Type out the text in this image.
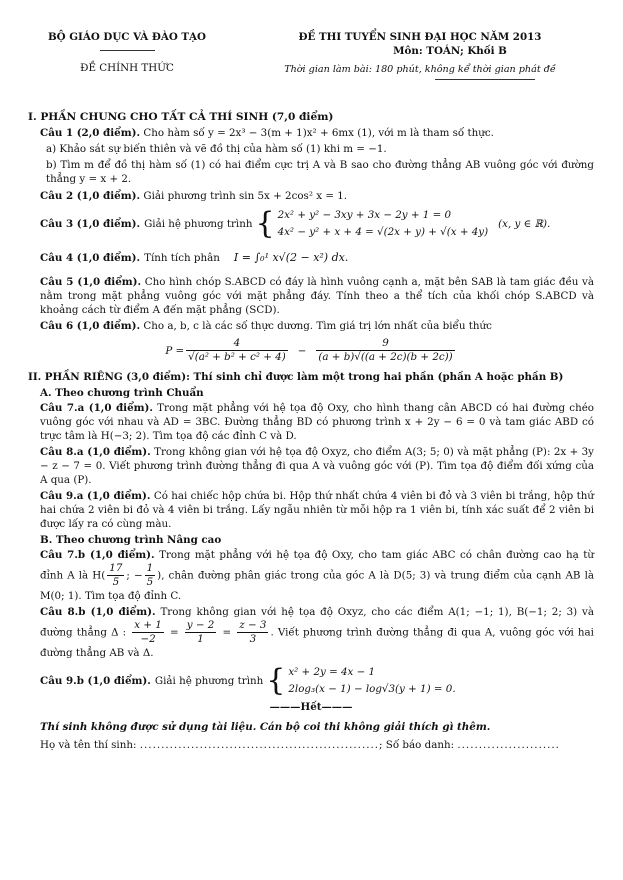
BỘ GIÁO DỤC VÀ ĐÀO TẠO
ĐỀ CHÍNH THỨC
ĐỀ THI TUYỂN SINH ĐẠI HỌC NĂM 2013
Môn: TOÁN; Khối B
Thời gian làm bài: 180 phút, không kể thời gian phát đề
I. PHẦN CHUNG CHO TẤT CẢ THÍ SINH (7,0 điểm)
Câu 1 (2,0 điểm). Cho hàm số y = 2x³ − 3(m + 1)x² + 6mx (1), với m là tham số thực.
a) Khảo sát sự biến thiên và vẽ đồ thị của hàm số (1) khi m = −1.
b) Tìm m để đồ thị hàm số (1) có hai điểm cực trị A và B sao cho đường thẳng AB vuông góc với đường thẳng y = x + 2.
Câu 2 (1,0 điểm). Giải phương trình sin 5x + 2cos² x = 1.
Câu 3 (1,0 điểm). Giải hệ phương trình { 2x² + y² − 3xy + 3x − 2y + 1 = 0
4x² − y² + x + 4 = √(2x + y) + √(x + 4y)
(x, y ∈ ℝ).
Câu 4 (1,0 điểm). Tính tích phân I = ∫₀¹ x√(2 − x²) dx.
Câu 5 (1,0 điểm). Cho hình chóp S.ABCD có đáy là hình vuông cạnh a, mặt bên SAB là tam giác đều và nằm trong mặt phẳng vuông góc với mặt phẳng đáy. Tính theo a thể tích của khối chóp S.ABCD và khoảng cách từ điểm A đến mặt phẳng (SCD).
Câu 6 (1,0 điểm). Cho a, b, c là các số thực dương. Tìm giá trị lớn nhất của biểu thức
$P = \frac{4}{\text{√(a² + b² + c² + 4)}} - \frac{9}{(a + b)√((a + 2c)(b + 2c))}$
II. PHẦN RIÊNG (3,0 điểm): Thí sinh chỉ được làm một trong hai phần (phần A hoặc phần B)
A. Theo chương trình Chuẩn
Câu 7.a (1,0 điểm). Trong mặt phẳng với hệ tọa độ Oxy, cho hình thang cân ABCD có hai đường chéo vuông góc với nhau và AD = 3BC. Đường thẳng BD có phương trình x + 2y − 6 = 0 và tam giác ABD có trực tâm là H(−3; 2). Tìm tọa độ các đỉnh C và D.
Câu 8.a (1,0 điểm). Trong không gian với hệ tọa độ Oxyz, cho điểm A(3; 5; 0) và mặt phẳng (P): 2x + 3y − z − 7 = 0. Viết phương trình đường thẳng đi qua A và vuông góc với (P). Tìm tọa độ điểm đối xứng của A qua (P).
Câu 9.a (1,0 điểm). Có hai chiếc hộp chứa bi. Hộp thứ nhất chứa 4 viên bi đỏ và 3 viên bi trắng, hộp thứ hai chứa 2 viên bi đỏ và 4 viên bi trắng. Lấy ngẫu nhiên từ mỗi hộp ra 1 viên bi, tính xác suất để 2 viên bi được lấy ra có cùng màu.
B. Theo chương trình Nâng cao
Câu 7.b (1,0 điểm). Trong mặt phẳng với hệ tọa độ Oxy, cho tam giác ABC có chân đường cao hạ từ đỉnh A là $H( \frac{17}{5}$ ; − $\frac{1}{5}$ ), chân đường phân giác trong của góc A là D(5; 3) và trung điểm của cạnh AB là M(0; 1). Tìm tọa độ đỉnh C.
Câu 8.b (1,0 điểm). Trong không gian với hệ tọa độ Oxyz, cho các điểm A(1; −1; 1), B(−1; 2; 3) và đường thẳng Δ : $\frac{x + 1}{-2} = \frac{y - 2}{1} = \frac{z - 3}{3}$ . Viết phương trình đường thẳng đi qua A, vuông góc với hai đường thẳng AB và Δ.
Câu 9.b (1,0 điểm). Giải hệ phương trình { x² + 2y = 4x − 1
2log₃(x − 1) − log√3(y + 1) = 0.
———Hết———
Thí sinh không được sử dụng tài liệu. Cán bộ coi thi không giải thích gì thêm.
Họ và tên thí sinh: ........................................................; Số báo danh: ........................
